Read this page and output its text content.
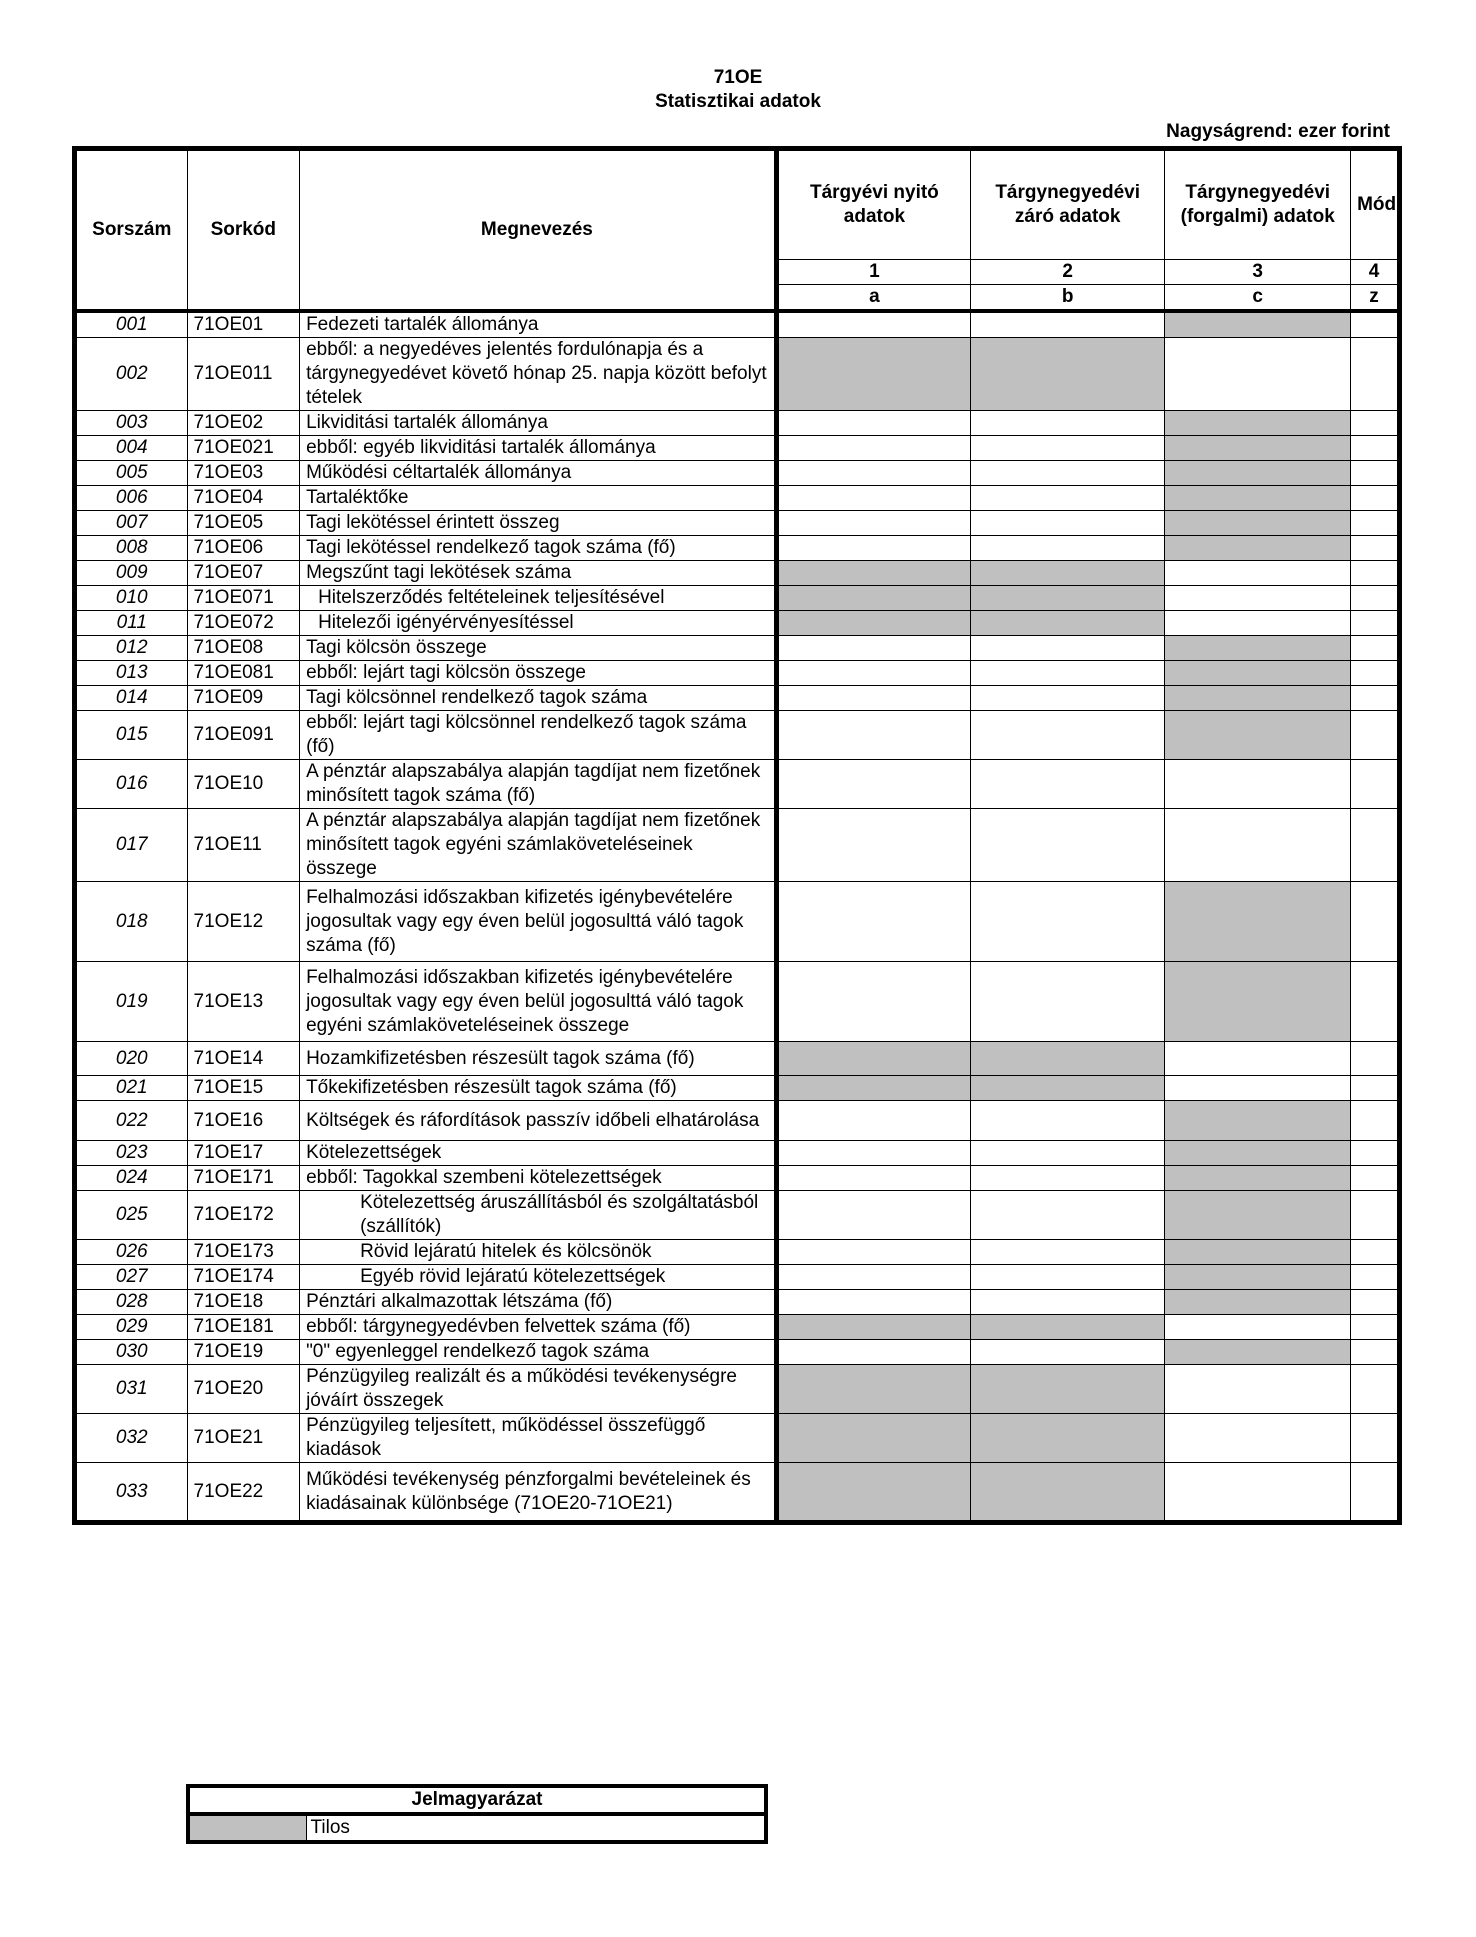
71OE
Statisztikai adatok
Nagyságrend: ezer forint
Sorszám	Sorkód	Megnevezés	Tárgyévi nyitó adatok	Tárgynegyedévi záró adatok	Tárgynegyedévi (forgalmi) adatok	Mód
			1	2	3	4
			a	b	c	z
001	71OE01	Fedezeti tartalék állománya				
002	71OE011	ebből: a negyedéves jelentés fordulónapja és a tárgynegyedévet követő hónap 25. napja között befolyt tételek				
003	71OE02	Likviditási tartalék állománya				
004	71OE021	ebből: egyéb likviditási tartalék állománya				
005	71OE03	Működési céltartalék állománya				
006	71OE04	Tartaléktőke				
007	71OE05	Tagi lekötéssel érintett összeg				
008	71OE06	Tagi lekötéssel rendelkező tagok száma (fő)				
009	71OE07	Megszűnt tagi lekötések száma				
010	71OE071	Hitelszerződés feltételeinek teljesítésével				
011	71OE072	Hitelezői igényérvényesítéssel				
012	71OE08	Tagi kölcsön összege				
013	71OE081	ebből: lejárt tagi kölcsön összege				
014	71OE09	Tagi kölcsönnel rendelkező tagok száma				
015	71OE091	ebből: lejárt tagi kölcsönnel rendelkező tagok száma (fő)				
016	71OE10	A pénztár alapszabálya alapján tagdíjat nem fizetőnek minősített tagok száma (fő)				
017	71OE11	A pénztár alapszabálya alapján tagdíjat nem fizetőnek minősített tagok egyéni számlaköveteléseinek összege				
018	71OE12	Felhalmozási időszakban kifizetés igénybevételére jogosultak vagy egy éven belül jogosulttá váló tagok száma (fő)				
019	71OE13	Felhalmozási időszakban kifizetés igénybevételére jogosultak vagy egy éven belül jogosulttá váló tagok egyéni számlaköveteléseinek összege				
020	71OE14	Hozamkifizetésben részesült tagok száma (fő)				
021	71OE15	Tőkekifizetésben részesült tagok száma (fő)				
022	71OE16	Költségek és ráfordítások passzív időbeli elhatárolása				
023	71OE17	Kötelezettségek				
024	71OE171	ebből: Tagokkal szembeni kötelezettségek				
025	71OE172	Kötelezettség áruszállításból és szolgáltatásból (szállítók)				
026	71OE173	Rövid lejáratú hitelek és kölcsönök				
027	71OE174	Egyéb rövid lejáratú kötelezettségek				
028	71OE18	Pénztári alkalmazottak létszáma (fő)				
029	71OE181	ebből: tárgynegyedévben felvettek száma (fő)				
030	71OE19	"0" egyenleggel rendelkező tagok száma				
031	71OE20	Pénzügyileg realizált és a működési tevékenységre jóváírt összegek				
032	71OE21	Pénzügyileg teljesített, működéssel összefüggő kiadások				
033	71OE22	Működési tevékenység pénzforgalmi bevételeinek és kiadásainak különbsége (71OE20-71OE21)				
Jelmagyarázat
	Tilos
